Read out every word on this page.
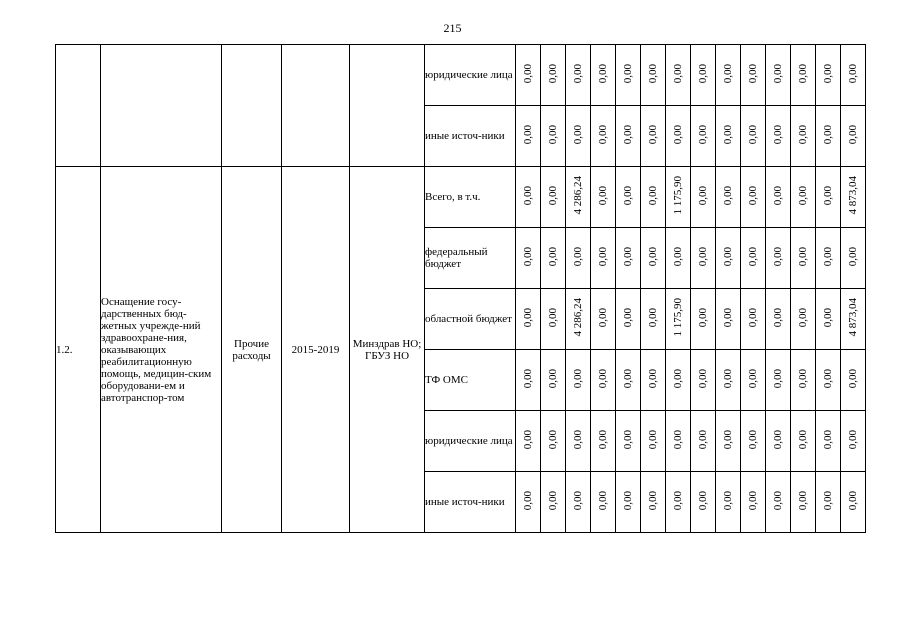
215
					юридические лица	0,00	0,00	0,00	0,00	0,00	0,00	0,00	0,00	0,00	0,00	0,00	0,00	0,00	0,00
					иные источ-ники	0,00	0,00	0,00	0,00	0,00	0,00	0,00	0,00	0,00	0,00	0,00	0,00	0,00	0,00
1.2.	Оснащение госу-дарственных бюд-жетных учрежде-ний здравоохране-ния, оказывающих реабилитационную помощь, медицин-ским оборудовани-ем и автотранспор-том	Прочие расходы	2015-2019	Минздрав НО; ГБУЗ НО	Всего, в т.ч.	0,00	0,00	4 286,24	0,00	0,00	0,00	1 175,90	0,00	0,00	0,00	0,00	0,00	0,00	4 873,04
					федеральный бюджет	0,00	0,00	0,00	0,00	0,00	0,00	0,00	0,00	0,00	0,00	0,00	0,00	0,00	0,00
					областной бюджет	0,00	0,00	4 286,24	0,00	0,00	0,00	1 175,90	0,00	0,00	0,00	0,00	0,00	0,00	4 873,04
					ТФ ОМС	0,00	0,00	0,00	0,00	0,00	0,00	0,00	0,00	0,00	0,00	0,00	0,00	0,00	0,00
					юридические лица	0,00	0,00	0,00	0,00	0,00	0,00	0,00	0,00	0,00	0,00	0,00	0,00	0,00	0,00
					иные источ-ники	0,00	0,00	0,00	0,00	0,00	0,00	0,00	0,00	0,00	0,00	0,00	0,00	0,00	0,00
